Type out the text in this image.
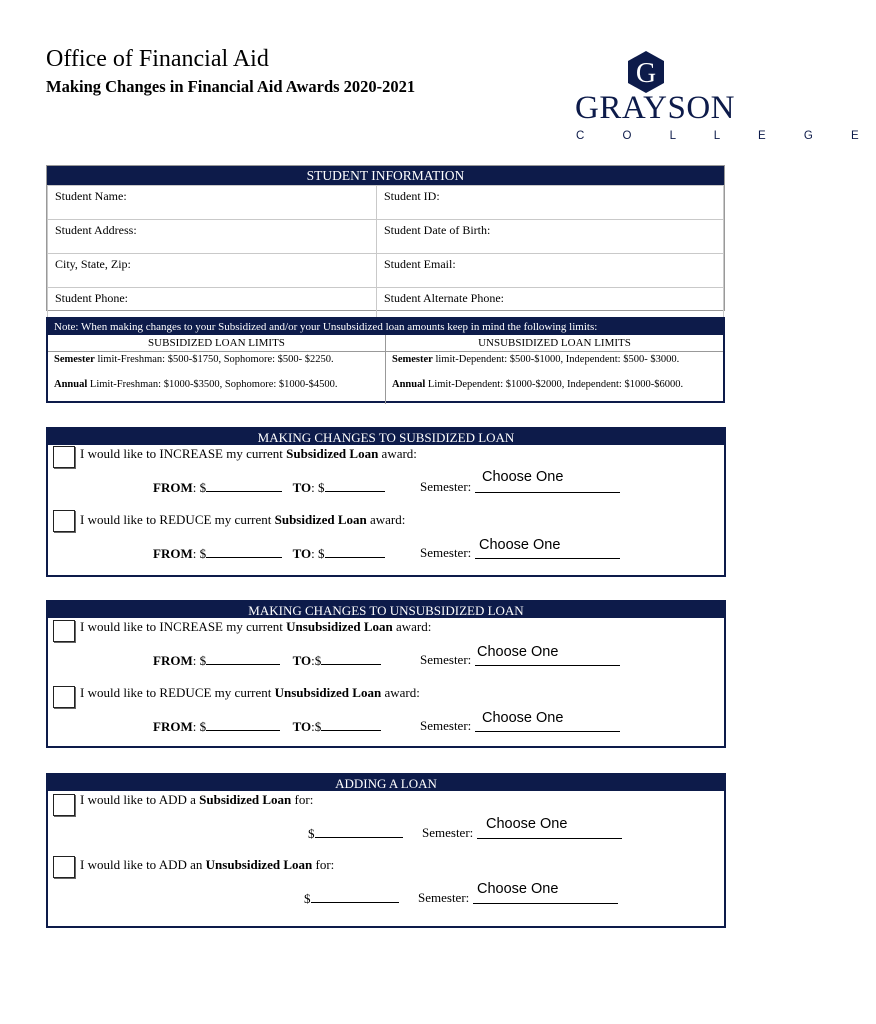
Office of Financial Aid
Making Changes in Financial Aid Awards 2020-2021	G
GRAYSON
C O L L E G E
STUDENT INFORMATION
Student Name:	Student ID:
Student Address:	Student Date of Birth:
City, State, Zip:	Student Email:
Student Phone:	Student Alternate Phone:
Note: When making changes to your Subsidized and/or your Unsubsidized loan amounts keep in mind the following limits:
SUBSIDIZED LOAN LIMITS	UNSUBSIDIZED LOAN LIMITS
Semester limit-Freshman: $500-$1750, Sophomore: $500- $2250.	Semester limit-Dependent: $500-$1000, Independent: $500- $3000.
Annual Limit-Freshman: $1000-$3500, Sophomore: $1000-$4500.	Annual Limit-Dependent: $1000-$2000, Independent: $1000-$6000.
MAKING CHANGES TO SUBSIDIZED LOAN
I would like to INCREASE my current Subsidized Loan award:
FROM: $	TO: $	Semester:
Choose One
I would like to REDUCE my current Subsidized Loan award:
FROM: $	TO: $	Semester: Choose One
MAKING CHANGES TO UNSUBSIDIZED LOAN
I would like to INCREASE my current Unsubsidized Loan award:
FROM: $	TO:$	Semester: Choose One
I would like to REDUCE my current Unsubsidized Loan award:
FROM: $	TO:$	Semester: Choose One
ADDING A LOAN
I would like to ADD a Subsidized Loan for:
$	Semester:
Choose One
I would like to ADD an Unsubsidized Loan for:
$	Semester:
Choose One
